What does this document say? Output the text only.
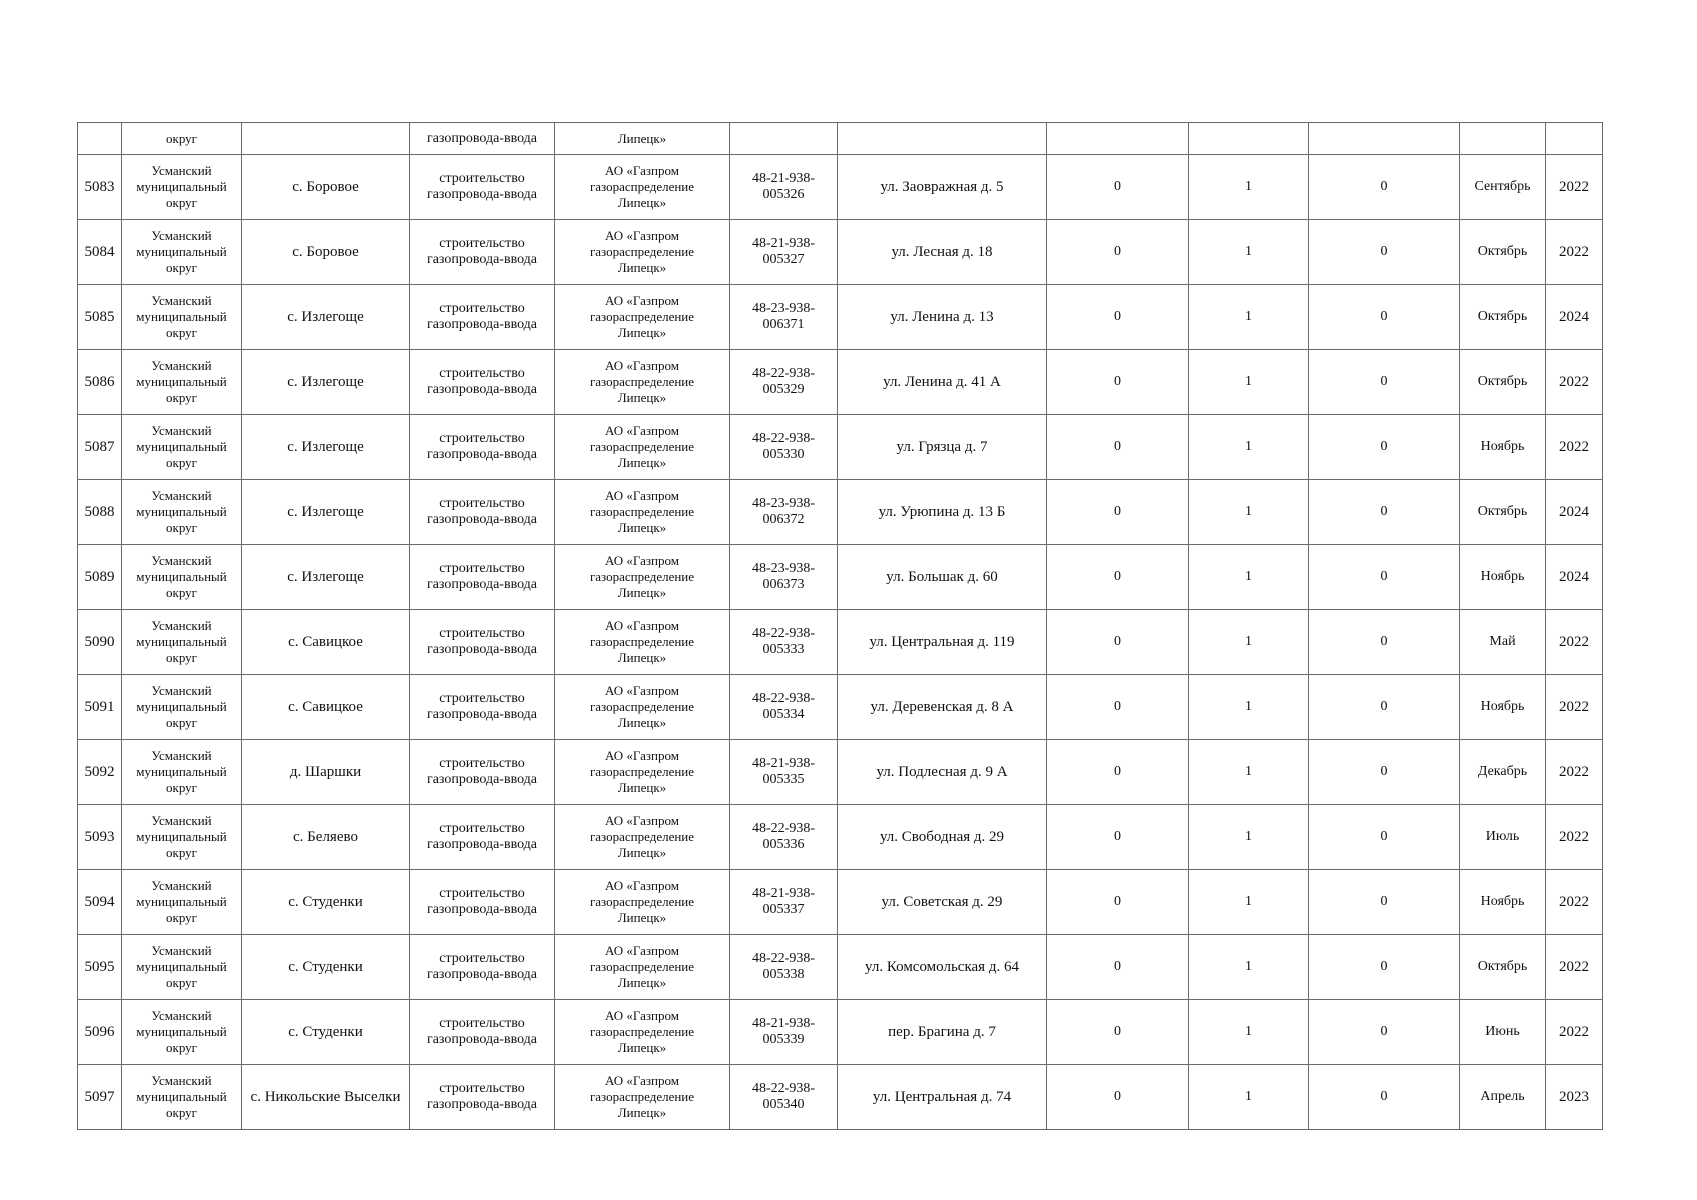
	округ		газопровода-ввода	Липецк»							

5083	Усманский
муниципальный
округ	с. Боровое	строительство
газопровода-ввода	АО «Газпром
газораспределение
Липецк»	48-21-938-
005326	ул. Заовражная д. 5	0	1	0	Сентябрь	2022

5084	Усманский
муниципальный
округ	с. Боровое	строительство
газопровода-ввода	АО «Газпром
газораспределение
Липецк»	48-21-938-
005327	ул. Лесная д. 18	0	1	0	Октябрь	2022

5085	Усманский
муниципальный
округ	с. Излегоще	строительство
газопровода-ввода	АО «Газпром
газораспределение
Липецк»	48-23-938-
006371	ул. Ленина д. 13	0	1	0	Октябрь	2024

5086	Усманский
муниципальный
округ	с. Излегоще	строительство
газопровода-ввода	АО «Газпром
газораспределение
Липецк»	48-22-938-
005329	ул. Ленина д. 41 А	0	1	0	Октябрь	2022

5087	Усманский
муниципальный
округ	с. Излегоще	строительство
газопровода-ввода	АО «Газпром
газораспределение
Липецк»	48-22-938-
005330	ул. Грязца д. 7	0	1	0	Ноябрь	2022

5088	Усманский
муниципальный
округ	с. Излегоще	строительство
газопровода-ввода	АО «Газпром
газораспределение
Липецк»	48-23-938-
006372	ул. Урюпина д. 13 Б	0	1	0	Октябрь	2024

5089	Усманский
муниципальный
округ	с. Излегоще	строительство
газопровода-ввода	АО «Газпром
газораспределение
Липецк»	48-23-938-
006373	ул. Большак д. 60	0	1	0	Ноябрь	2024

5090	Усманский
муниципальный
округ	с. Савицкое	строительство
газопровода-ввода	АО «Газпром
газораспределение
Липецк»	48-22-938-
005333	ул. Центральная д. 119	0	1	0	Май	2022

5091	Усманский
муниципальный
округ	с. Савицкое	строительство
газопровода-ввода	АО «Газпром
газораспределение
Липецк»	48-22-938-
005334	ул. Деревенская д. 8 А	0	1	0	Ноябрь	2022

5092	Усманский
муниципальный
округ	д. Шаршки	строительство
газопровода-ввода	АО «Газпром
газораспределение
Липецк»	48-21-938-
005335	ул. Подлесная д. 9 А	0	1	0	Декабрь	2022

5093	Усманский
муниципальный
округ	с. Беляево	строительство
газопровода-ввода	АО «Газпром
газораспределение
Липецк»	48-22-938-
005336	ул. Свободная д. 29	0	1	0	Июль	2022

5094	Усманский
муниципальный
округ	с. Студенки	строительство
газопровода-ввода	АО «Газпром
газораспределение
Липецк»	48-21-938-
005337	ул. Советская д. 29	0	1	0	Ноябрь	2022

5095	Усманский
муниципальный
округ	с. Студенки	строительство
газопровода-ввода	АО «Газпром
газораспределение
Липецк»	48-22-938-
005338	ул. Комсомольская д. 64	0	1	0	Октябрь	2022

5096	Усманский
муниципальный
округ	с. Студенки	строительство
газопровода-ввода	АО «Газпром
газораспределение
Липецк»	48-21-938-
005339	пер. Брагина д. 7	0	1	0	Июнь	2022

5097	Усманский
муниципальный
округ	с. Никольские Выселки	строительство
газопровода-ввода	АО «Газпром
газораспределение
Липецк»	48-22-938-
005340	ул. Центральная д. 74	0	1	0	Апрель	2023
